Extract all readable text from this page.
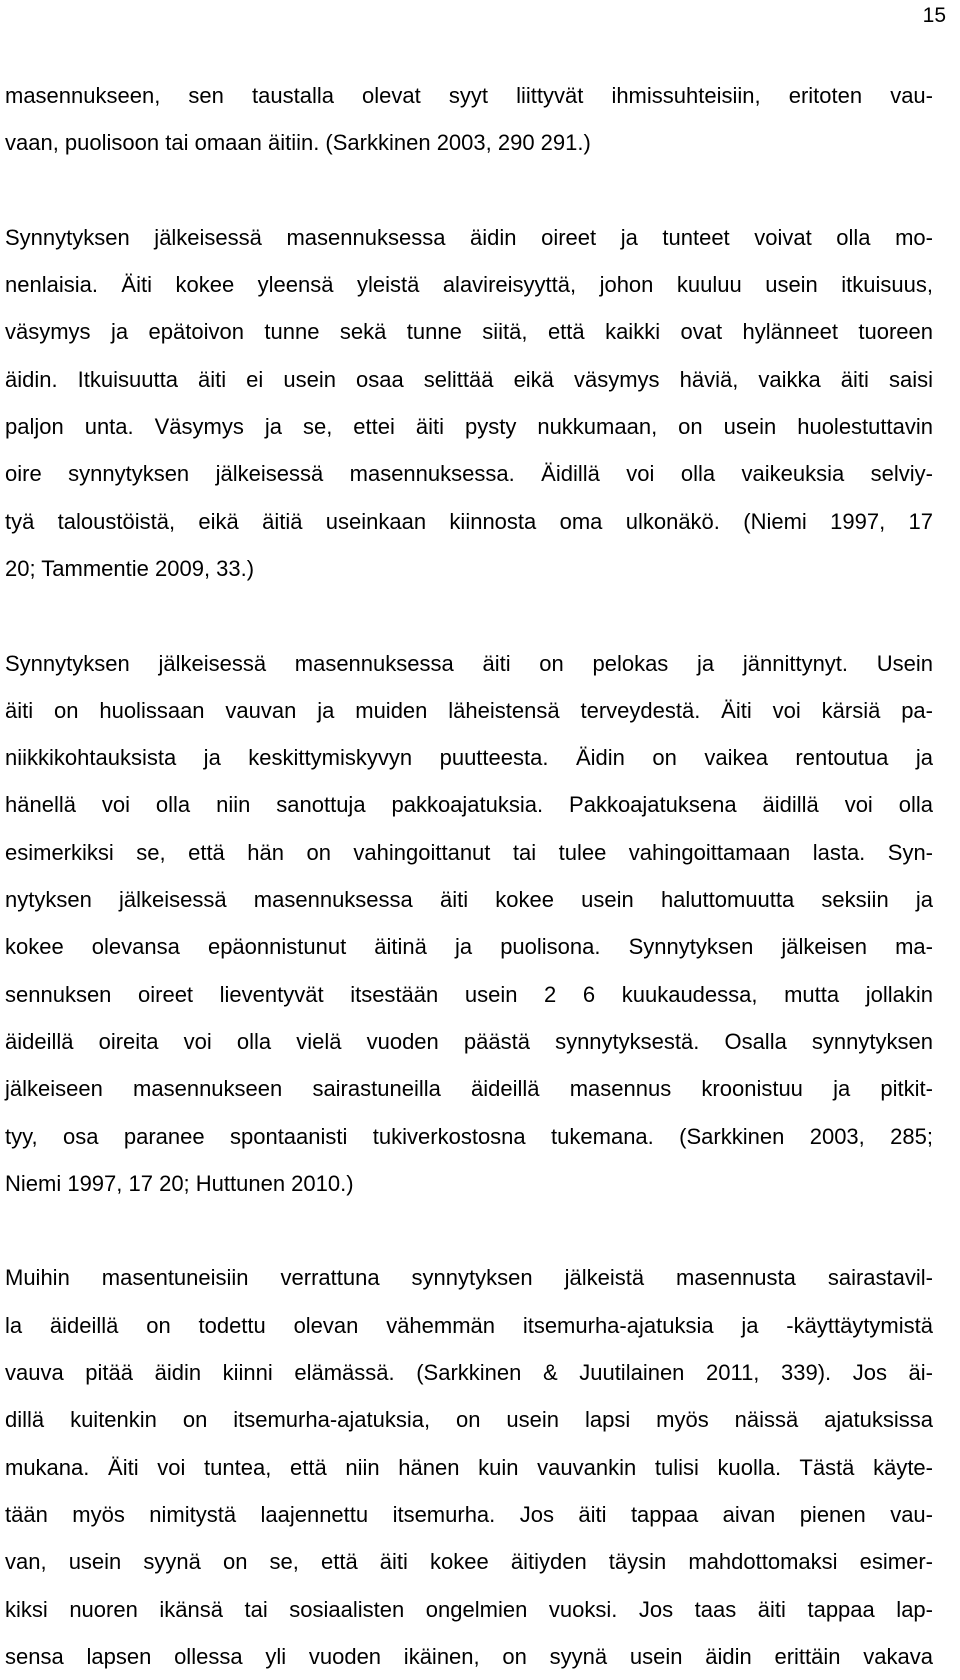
15
masennukseen, sen taustalla olevat syyt liittyvät ihmissuhteisiin, eritoten vau-
vaan, puolisoon tai omaan äitiin. (Sarkkinen 2003, 290 291.)
Synnytyksen jälkeisessä masennuksessa äidin oireet ja tunteet voivat olla mo-
nenlaisia. Äiti kokee yleensä yleistä alavireisyyttä, johon kuuluu usein itkuisuus,
väsymys ja epätoivon tunne sekä tunne siitä, että kaikki ovat hylänneet tuoreen
äidin. Itkuisuutta äiti ei usein osaa selittää eikä väsymys häviä, vaikka äiti saisi
paljon unta. Väsymys ja se, ettei äiti pysty nukkumaan, on usein huolestuttavin
oire synnytyksen jälkeisessä masennuksessa. Äidillä voi olla vaikeuksia selviy-
tyä taloustöistä, eikä äitiä useinkaan kiinnosta oma ulkonäkö. (Niemi 1997, 17
20; Tammentie 2009, 33.)
Synnytyksen jälkeisessä masennuksessa äiti on pelokas ja jännittynyt. Usein
äiti on huolissaan vauvan ja muiden läheistensä terveydestä. Äiti voi kärsiä pa-
niikkikohtauksista ja keskittymiskyvyn puutteesta. Äidin on vaikea rentoutua ja
hänellä voi olla niin sanottuja pakkoajatuksia. Pakkoajatuksena äidillä voi olla
esimerkiksi se, että hän on vahingoittanut tai tulee vahingoittamaan lasta. Syn-
nytyksen jälkeisessä masennuksessa äiti kokee usein haluttomuutta seksiin ja
kokee olevansa epäonnistunut äitinä ja puolisona. Synnytyksen jälkeisen ma-
sennuksen oireet lieventyvät itsestään usein 2 6 kuukaudessa, mutta jollakin
äideillä oireita voi olla vielä vuoden päästä synnytyksestä. Osalla synnytyksen
jälkeiseen masennukseen sairastuneilla äideillä masennus kroonistuu ja pitkit-
tyy, osa paranee spontaanisti tukiverkostosna tukemana. (Sarkkinen 2003, 285;
Niemi 1997, 17 20; Huttunen 2010.)
Muihin masentuneisiin verrattuna synnytyksen jälkeistä masennusta sairastavil-
la äideillä on todettu olevan vähemmän itsemurha-ajatuksia ja -käyttäytymistä
vauva pitää äidin kiinni elämässä. (Sarkkinen & Juutilainen 2011, 339). Jos äi-
dillä kuitenkin on itsemurha-ajatuksia, on usein lapsi myös näissä ajatuksissa
mukana. Äiti voi tuntea, että niin hänen kuin vauvankin tulisi kuolla. Tästä käyte-
tään myös nimitystä laajennettu itsemurha. Jos äiti tappaa aivan pienen vau-
van, usein syynä on se, että äiti kokee äitiyden täysin mahdottomaksi esimer-
kiksi nuoren ikänsä tai sosiaalisten ongelmien vuoksi. Jos taas äiti tappaa lap-
sensa lapsen ollessa yli vuoden ikäinen, on syynä usein äidin erittäin vakava
